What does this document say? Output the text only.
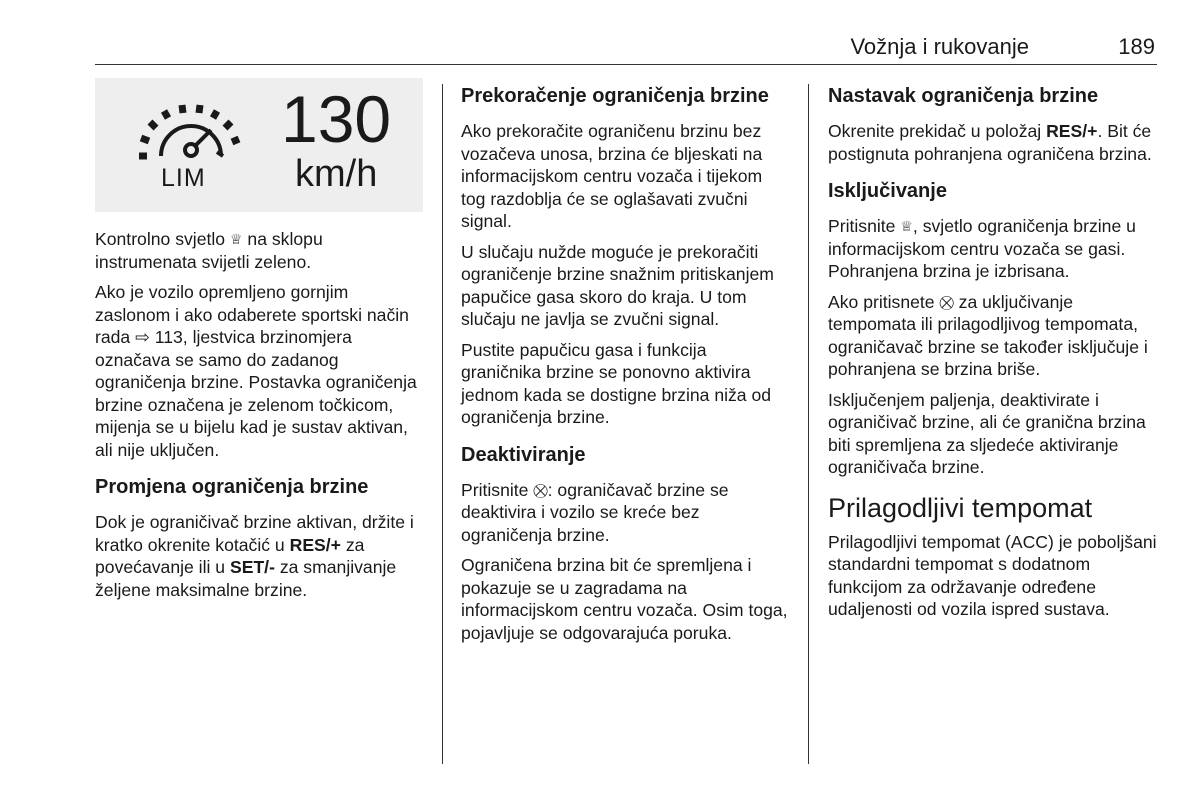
Vožnja i rukovanje	189
130
km/h
LIM

Kontrolno svjetlo ♕ na sklopu instrumenata svijetli zeleno.

Ako je vozilo opremljeno gornjim zaslonom i ako odaberete sportski način rada ⇨ 113, ljestvica brzinomjera označava se samo do zadanog ograničenja brzine. Postavka ograničenja brzine označena je zelenom točkicom, mijenja se u bijelu kad je sustav aktivan, ali nije uključen.

Promjena ograničenja brzine

Dok je ograničivač brzine aktivan, držite i kratko okrenite kotačić u RES/+ za povećavanje ili u SET/- za smanjivanje željene maksimalne brzine.

Prekoračenje ograničenja brzine

Ako prekoračite ograničenu brzinu bez vozačeva unosa, brzina će bljeskati na informacijskom centru vozača i tijekom tog razdoblja će se oglašavati zvučni signal.

U slučaju nužde moguće je prekoračiti ograničenje brzine snažnim pritiskanjem papučice gasa skoro do kraja. U tom slučaju ne javlja se zvučni signal.

Pustite papučicu gasa i funkcija graničnika brzine se ponovno aktivira jednom kada se dostigne brzina niža od ograničenja brzine.

Deaktiviranje

Pritisnite ⛒: ograničavač brzine se deaktivira i vozilo se kreće bez ograničenja brzine.

Ograničena brzina bit će spremljena i pokazuje se u zagradama na informacijskom centru vozača. Osim toga, pojavljuje se odgovarajuća poruka.

Nastavak ograničenja brzine

Okrenite prekidač u položaj RES/+. Bit će postignuta pohranjena ograničena brzina.

Isključivanje

Pritisnite ♕, svjetlo ograničenja brzine u informacijskom centru vozača se gasi. Pohranjena brzina je izbrisana.

Ako pritisnete ⛒ za uključivanje tempomata ili prilagodljivog tempomata, ograničavač brzine se također isključuje i pohranjena se brzina briše.

Isključenjem paljenja, deaktivirate i ograničivač brzine, ali će granična brzina biti spremljena za sljedeće aktiviranje ograničivača brzine.

Prilagodljivi tempomat

Prilagodljivi tempomat (ACC) je poboljšani standardni tempomat s dodatnom funkcijom za održavanje određene udaljenosti od vozila ispred sustava.
